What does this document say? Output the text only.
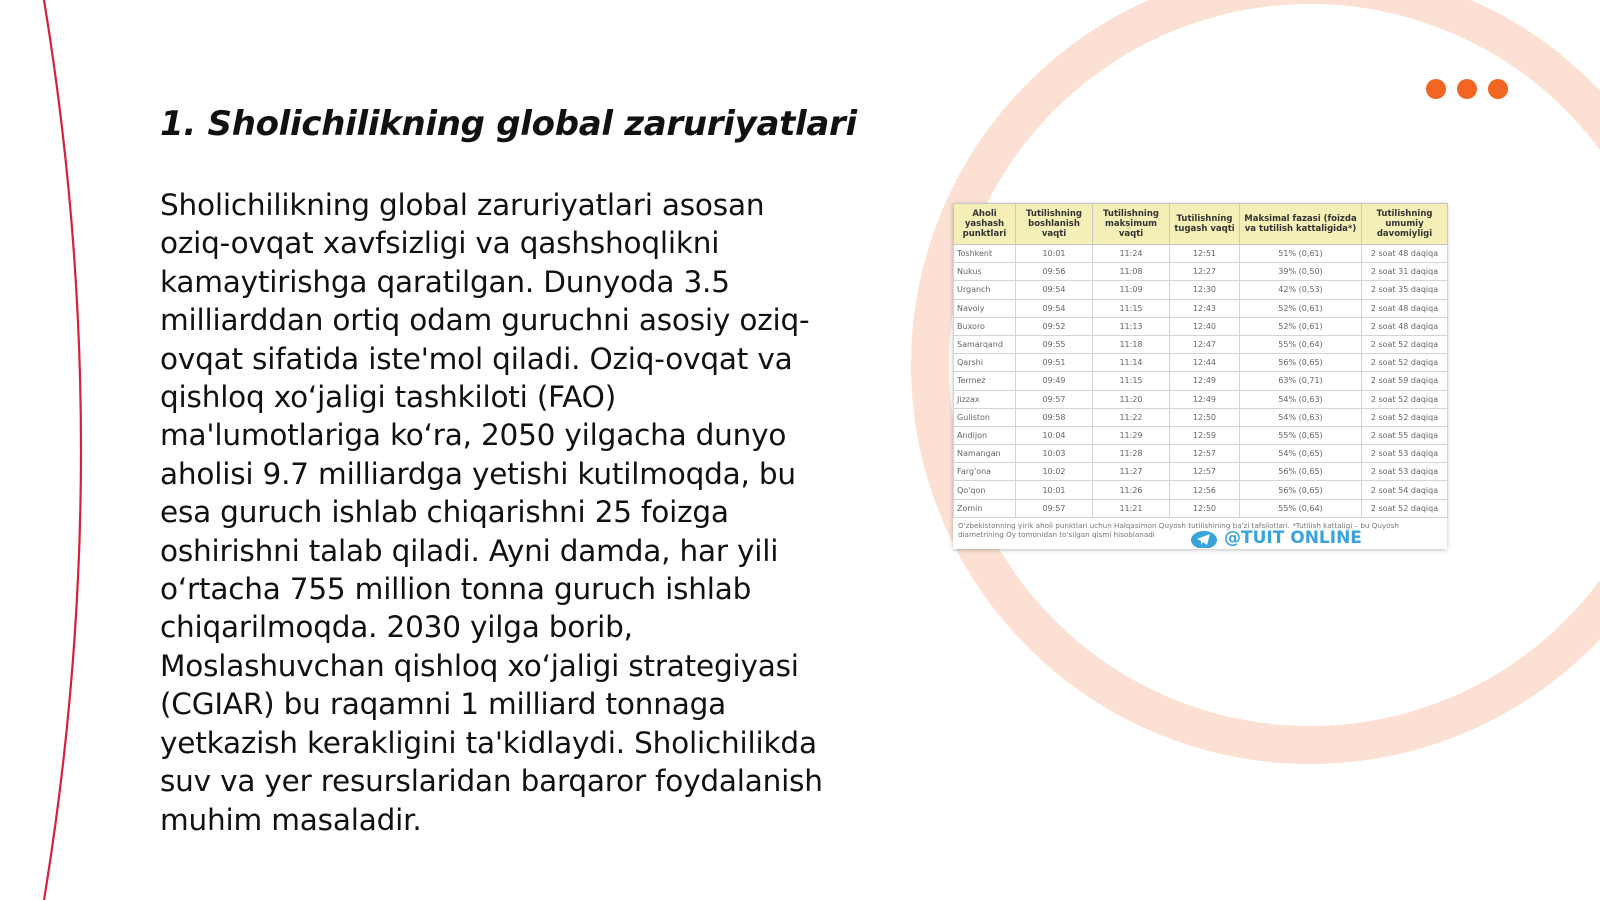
1. Sholichilikning global zaruriyatlari

Sholichilikning global zaruriyatlari asosan
oziq-ovqat xavfsizligi va qashshoqlikni
kamaytirishga qaratilgan. Dunyoda 3.5
milliarddan ortiq odam guruchni asosiy oziq-
ovqat sifatida iste'mol qiladi. Oziq-ovqat va
qishloq xo‘jaligi tashkiloti (FAO)
ma'lumotlariga ko‘ra, 2050 yilgacha dunyo
aholisi 9.7 milliardga yetishi kutilmoqda, bu
esa guruch ishlab chiqarishni 25 foizga
oshirishni talab qiladi. Ayni damda, har yili
o‘rtacha 755 million tonna guruch ishlab
chiqarilmoqda. 2030 yilga borib,
Moslashuvchan qishloq xo‘jaligi strategiyasi
(CGIAR) bu raqamni 1 milliard tonnaga
yetkazish kerakligini ta'kidlaydi. Sholichilikda
suv va yer resurslaridan barqaror foydalanish
muhim masaladir.

Aholi yashash punktlari	Tutilishning boshlanish vaqti	Tutilishning maksimum vaqti	Tutilishning tugash vaqti	Maksimal fazasi (foizda va tutilish kattaligida*)	Tutilishning umumiy davomiyligi
Toshkent	10:01	11:24	12:51	51% (0,61)	2 soat 48 daqiqa
Nukus	09:56	11:08	12:27	39% (0,50)	2 soat 31 daqiqa
Urganch	09:54	11:09	12:30	42% (0,53)	2 soat 35 daqiqa
Navoiy	09:54	11:15	12:43	52% (0,61)	2 soat 48 daqiqa
Buxoro	09:52	11:13	12:40	52% (0,61)	2 soat 48 daqiqa
Samarqand	09:55	11:18	12:47	55% (0,64)	2 soat 52 daqiqa
Qarshi	09:51	11:14	12:44	56% (0,65)	2 soat 52 daqiqa
Termez	09:49	11:15	12:49	63% (0,71)	2 soat 59 daqiqa
Jizzax	09:57	11:20	12:49	54% (0,63)	2 soat 52 daqiqa
Guliston	09:58	11:22	12:50	54% (0,63)	2 soat 52 daqiqa
Andijon	10:04	11:29	12:59	55% (0,65)	2 soat 55 daqiqa
Namangan	10:03	11:28	12:57	54% (0,65)	2 soat 53 daqiqa
Farg'ona	10:02	11:27	12:57	56% (0,65)	2 soat 53 daqiqa
Qo'qon	10:01	11:26	12:56	56% (0,65)	2 soat 54 daqiqa
Zomin	09:57	11:21	12:50	55% (0,64)	2 soat 52 daqiqa
O'zbekistonning yirik aholi punktlari uchun Halqasimon Quyosh tutilishining ba'zi tafsilotlari. *Tutilish kattaligi – bu Quyosh diametrining Oy tomonidan to'silgan qismi hisoblanadi	@TUIT ONLINE
